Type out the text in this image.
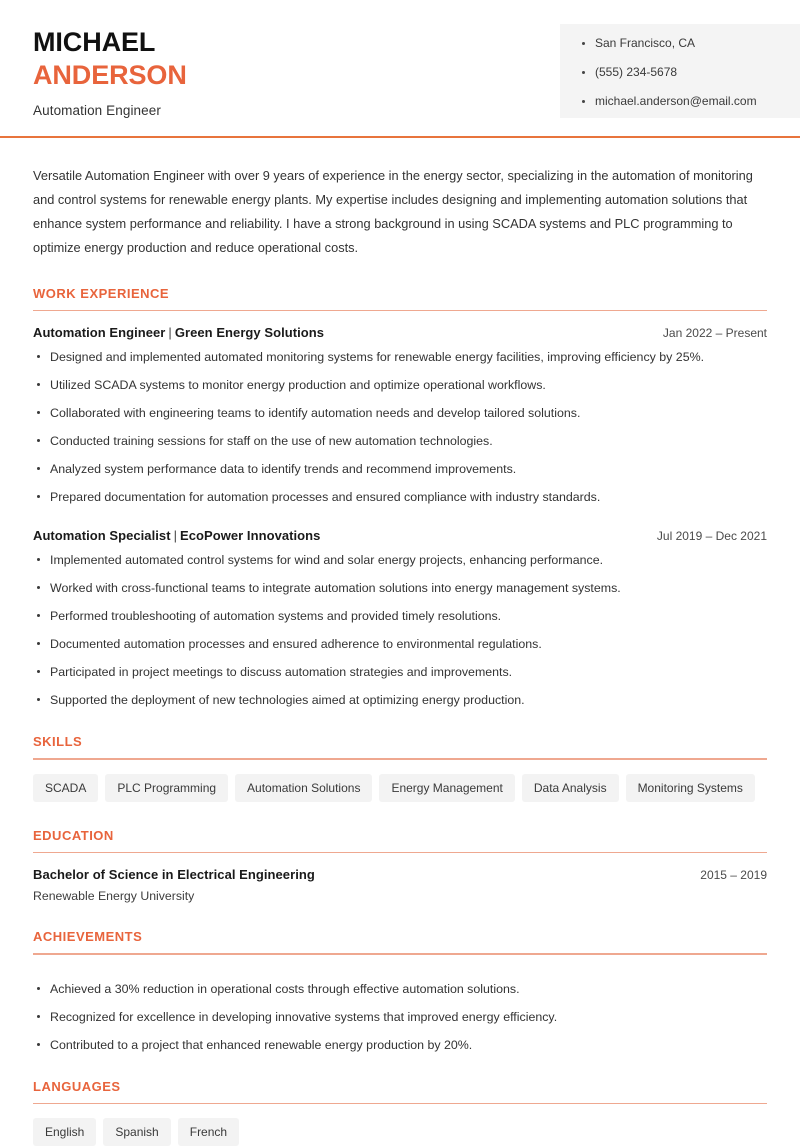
MICHAEL
ANDERSON
Automation Engineer
San Francisco, CA
(555) 234-5678
michael.anderson@email.com

Versatile Automation Engineer with over 9 years of experience in the energy sector, specializing in the automation of monitoring and control systems for renewable energy plants. My expertise includes designing and implementing automation solutions that enhance system performance and reliability. I have a strong background in using SCADA systems and PLC programming to optimize energy production and reduce operational costs.

WORK EXPERIENCE
Automation Engineer | Green Energy Solutions	Jan 2022 – Present
Designed and implemented automated monitoring systems for renewable energy facilities, improving efficiency by 25%.
Utilized SCADA systems to monitor energy production and optimize operational workflows.
Collaborated with engineering teams to identify automation needs and develop tailored solutions.
Conducted training sessions for staff on the use of new automation technologies.
Analyzed system performance data to identify trends and recommend improvements.
Prepared documentation for automation processes and ensured compliance with industry standards.
Automation Specialist | EcoPower Innovations	Jul 2019 – Dec 2021
Implemented automated control systems for wind and solar energy projects, enhancing performance.
Worked with cross-functional teams to integrate automation solutions into energy management systems.
Performed troubleshooting of automation systems and provided timely resolutions.
Documented automation processes and ensured adherence to environmental regulations.
Participated in project meetings to discuss automation strategies and improvements.
Supported the deployment of new technologies aimed at optimizing energy production.
SKILLS
SCADA	PLC Programming	Automation Solutions	Energy Management	Data Analysis	Monitoring Systems
EDUCATION
Bachelor of Science in Electrical Engineering	2015 – 2019
Renewable Energy University
ACHIEVEMENTS
Achieved a 30% reduction in operational costs through effective automation solutions.
Recognized for excellence in developing innovative systems that improved energy efficiency.
Contributed to a project that enhanced renewable energy production by 20%.
LANGUAGES
English	Spanish	French
